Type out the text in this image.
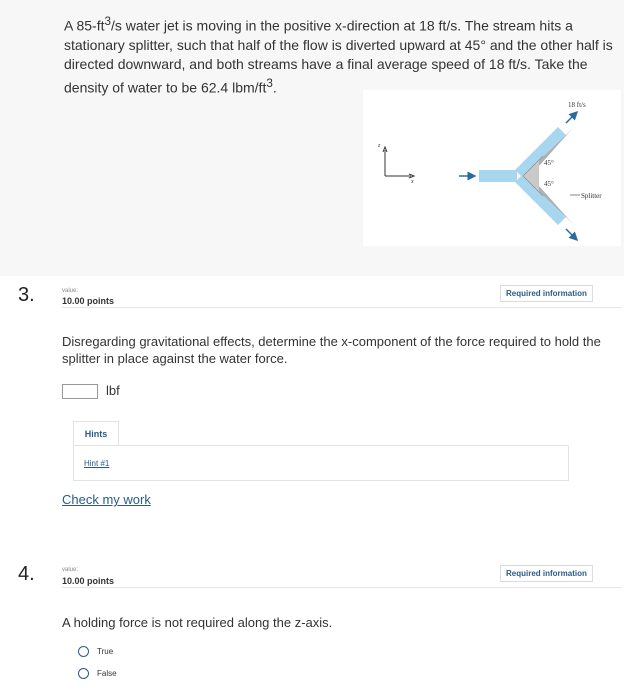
A $85-ft^3/s$ water jet is moving in the positive x-direction at 18 ft/s. The stream hits a stationary splitter, such that half of the flow is diverted upward at 45° and the other half is directed downward, and both streams have a final average speed of 18 ft/s. Take the density of water to be 62.4 lbm/$ft^3$.
z
x
45°
45°
18 ft/s
Splitter
3.	value:
10.00 points
Required information
Disregarding gravitational effects, determine the x-component of the force required to hold the splitter in place against the water force.
lbf
Hints
Hint #1
Check my work
4.	value:
10.00 points
Required information
A holding force is not required along the z-axis.
True
False
